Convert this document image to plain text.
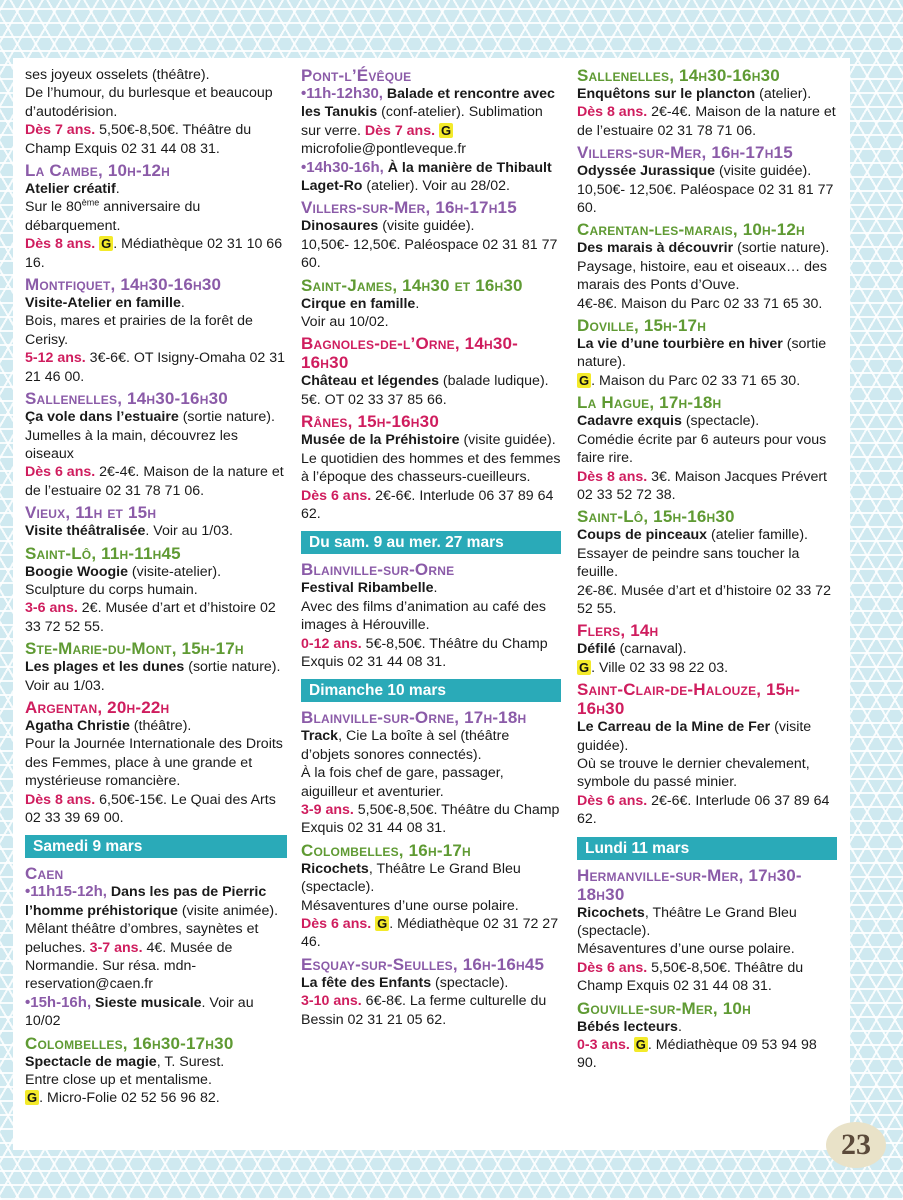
ses joyeux osselets (théâtre).
De l’humour, du burlesque et beaucoup d’autodérision.
Dès 7 ans. 5,50€-8,50€. Théâtre du Champ Exquis 02 31 44 08 31.
La Cambe, 10h-12h
Atelier créatif.
Sur le 80ème anniversaire du débarquement.
Dès 8 ans. G . Médiathèque 02 31 10 66 16.
Montfiquet, 14h30-16h30
Visite-Atelier en famille.
Bois, mares et prairies de la forêt de Cerisy.
5-12 ans. 3€-6€. OT Isigny-Omaha 02 31 21 46 00.
Sallenelles, 14h30-16h30
Ça vole dans l’estuaire (sortie nature).
Jumelles à la main, découvrez les oiseaux
Dès 6 ans. 2€-4€. Maison de la nature et de l’estuaire 02 31 78 71 06.
Vieux, 11h et 15h
Visite théâtralisée. Voir au 1/03.
Saint-Lô, 11h-11h45
Boogie Woogie (visite-atelier).
Sculpture du corps humain.
3-6 ans. 2€. Musée d’art et d’histoire 02 33 72 52 55.
Ste-Marie-du-Mont, 15h-17h
Les plages et les dunes (sortie nature). Voir au 1/03.
Argentan, 20h-22h
Agatha Christie (théâtre).
Pour la Journée Internationale des Droits des Femmes, place à une grande et mystérieuse romancière.
Dès 8 ans. 6,50€-15€. Le Quai des Arts 02 33 39 69 00.
Samedi 9 mars
Caen
•11h15-12h, Dans les pas de Pierric l’homme préhistorique (visite animée). Mêlant théâtre d’ombres, saynètes et peluches. 3-7 ans. 4€. Musée de Normandie. Sur résa. mdn-reservation@caen.fr
•15h-16h, Sieste musicale. Voir au 10/02
Colombelles, 16h30-17h30
Spectacle de magie, T. Surest.
Entre close up et mentalisme.
G . Micro-Folie 02 52 56 96 82.
Pont-l’Évêque
•11h-12h30, Balade et rencontre avec les Tanukis (conf-atelier). Sublimation sur verre. Dès 7 ans. G microfolie@pontleveque.fr
•14h30-16h, À la manière de Thibault Laget-Ro (atelier). Voir au 28/02.
Villers-sur-Mer, 16h-17h15
Dinosaures (visite guidée).
10,50€- 12,50€. Paléospace 02 31 81 77 60.
Saint-James, 14h30 et 16h30
Cirque en famille.
Voir au 10/02.
Bagnoles-de-l’Orne, 14h30-16h30
Château et légendes (balade ludique).
5€. OT 02 33 37 85 66.
Rânes, 15h-16h30
Musée de la Préhistoire (visite guidée).
Le quotidien des hommes et des femmes à l’époque des chasseurs-cueilleurs.
Dès 6 ans. 2€-6€. Interlude 06 37 89 64 62.
Du sam. 9 au mer. 27 mars
Blainville-sur-Orne
Festival Ribambelle.
Avec des films d’animation au café des images à Hérouville.
0-12 ans. 5€-8,50€. Théâtre du Champ Exquis 02 31 44 08 31.
Dimanche 10 mars
Blainville-sur-Orne, 17h-18h
Track, Cie La boîte à sel (théâtre d’objets sonores connectés).
À la fois chef de gare, passager, aiguilleur et aventurier.
3-9 ans. 5,50€-8,50€. Théâtre du Champ Exquis 02 31 44 08 31.
Colombelles, 16h-17h
Ricochets, Théâtre Le Grand Bleu (spectacle).
Mésaventures d’une ourse polaire.
Dès 6 ans. G . Médiathèque 02 31 72 27 46.
Esquay-sur-Seulles, 16h-16h45
La fête des Enfants (spectacle).
3-10 ans. 6€-8€. La ferme culturelle du Bessin 02 31 21 05 62.
Sallenelles, 14h30-16h30
Enquêtons sur le plancton (atelier).
Dès 8 ans. 2€-4€. Maison de la nature et de l’estuaire 02 31 78 71 06.
Villers-sur-Mer, 16h-17h15
Odyssée Jurassique (visite guidée).
10,50€- 12,50€. Paléospace 02 31 81 77 60.
Carentan-les-marais, 10h-12h
Des marais à découvrir (sortie nature).
Paysage, histoire, eau et oiseaux… des marais des Ponts d’Ouve.
4€-8€. Maison du Parc 02 33 71 65 30.
Doville, 15h-17h
La vie d’une tourbière en hiver (sortie nature).
G . Maison du Parc 02 33 71 65 30.
La Hague, 17h-18h
Cadavre exquis (spectacle).
Comédie écrite par 6 auteurs pour vous faire rire.
Dès 8 ans. 3€. Maison Jacques Prévert 02 33 52 72 38.
Saint-Lô, 15h-16h30
Coups de pinceaux (atelier famille).
Essayer de peindre sans toucher la feuille.
2€-8€. Musée d’art et d’histoire 02 33 72 52 55.
Flers, 14h
Défilé (carnaval).
G . Ville 02 33 98 22 03.
Saint-Clair-de-Halouze, 15h-16h30
Le Carreau de la Mine de Fer (visite guidée).
Où se trouve le dernier chevalement, symbole du passé minier.
Dès 6 ans. 2€-6€. Interlude 06 37 89 64 62.
Lundi 11 mars
Hermanville-sur-Mer, 17h30-18h30
Ricochets, Théâtre Le Grand Bleu (spectacle).
Mésaventures d’une ourse polaire.
Dès 6 ans. 5,50€-8,50€. Théâtre du Champ Exquis 02 31 44 08 31.
Gouville-sur-Mer, 10h
Bébés lecteurs.
0-3 ans. G . Médiathèque 09 53 94 98 90.
23
